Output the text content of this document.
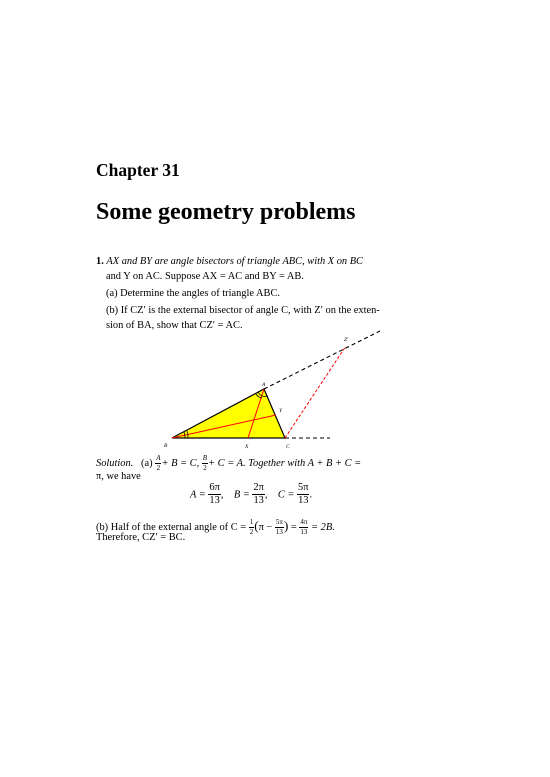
Chapter 31
Some geometry problems
1. AX and BY are angle bisectors of triangle ABC, with X on BC
and Y on AC. Suppose AX = AC and BY = AB.
(a) Determine the angles of triangle ABC.
(b) If CZ′ is the external bisector of angle C, with Z′ on the exten-
sion of BA, show that CZ′ = AC.
A
B	C
X
Y
Z′
Solution. $(a) \frac{A}{2} + B = C$, $\frac{B}{2} + C = A$. Together with A + B + C =
π, we have
$A = \frac{6\pi}{13}$ ,    $B = \frac{2\pi}{13}$ ,    $C = \frac{5\pi}{13}$ .
(b) Half of the external angle of $C = \frac{1}{2} (\pi - \frac{5\pi}{13}$ ) = $\frac{4\pi}{13} = 2B$.
Therefore, CZ′ = BC.
